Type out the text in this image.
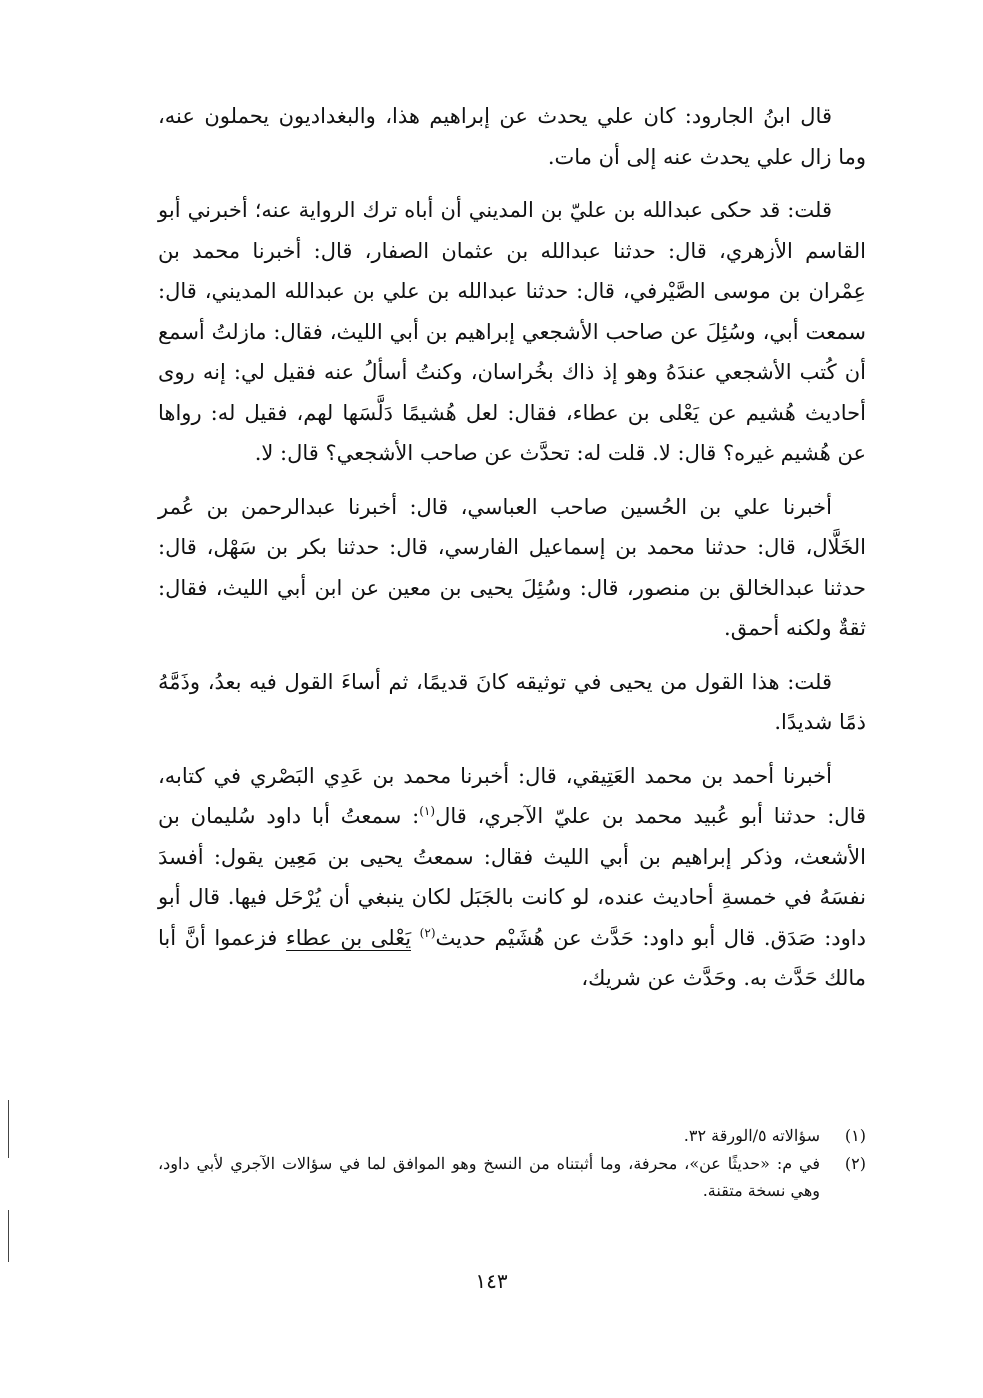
قال ابنُ الجارود: كان علي يحدث عن إبراهيم هذا، والبغداديون يحملون عنه، وما زال علي يحدث عنه إلى أن مات.

قلت: قد حكى عبدالله بن عليّ بن المديني أن أباه ترك الرواية عنه؛ أخبرني أبو القاسم الأزهري، قال: حدثنا عبدالله بن عثمان الصفار، قال: أخبرنا محمد بن عِمْران بن موسى الصَّيْرفي، قال: حدثنا عبدالله بن علي بن عبدالله المديني، قال: سمعت أبي، وسُئِلَ عن صاحب الأشجعي إبراهيم بن أبي الليث، فقال: مازلتُ أسمع أن كُتب الأشجعي عندَهُ وهو إذ ذاك بخُراسان، وكنتُ أسألُ عنه فقيل لي: إنه روى أحاديث هُشيم عن يَعْلى بن عطاء، فقال: لعل هُشيمًا دَلَّسَها لهم، فقيل له: رواها عن هُشيم غيره؟ قال: لا. قلت له: تحدَّث عن صاحب الأشجعي؟ قال: لا.

أخبرنا علي بن الحُسين صاحب العباسي، قال: أخبرنا عبدالرحمن بن عُمر الخَلَّال، قال: حدثنا محمد بن إسماعيل الفارسي، قال: حدثنا بكر بن سَهْل، قال: حدثنا عبدالخالق بن منصور، قال: وسُئِلَ يحيى بن معين عن ابن أبي الليث، فقال: ثقةٌ ولكنه أحمق.

قلت: هذا القول من يحيى في توثيقه كانَ قديمًا، ثم أساءَ القول فيه بعدُ، وذَمَّهُ ذمًا شديدًا.

أخبرنا أحمد بن محمد العَتِيقي، قال: أخبرنا محمد بن عَدِي البَصْري في كتابه، قال: حدثنا أبو عُبيد محمد بن عليّ الآجري، قال$^{(١)}$: سمعتُ أبا داود سُليمان بن الأشعث، وذكر إبراهيم بن أبي الليث فقال: سمعتُ يحيى بن مَعِين يقول: أفسدَ نفسَهُ في خمسةِ أحاديث عنده، لو كانت بالجَبَل لكان ينبغي أن يُرْحَل فيها. قال أبو داود: صَدَق. قال أبو داود: حَدَّث عن هُشَيْم حديث$^{(٢)}$ يَعْلى بن عطاء فزعموا أنَّ أبا مالك حَدَّث به. وحَدَّث عن شريك،

(١)
سؤالاته ٥/الورقة ٣٢.
(٢)
في م: «حديثًا عن»، محرفة، وما أثبتناه من النسخ وهو الموافق لما في سؤالات الآجري لأبي داود، وهي نسخة متقنة.
١٤٣
